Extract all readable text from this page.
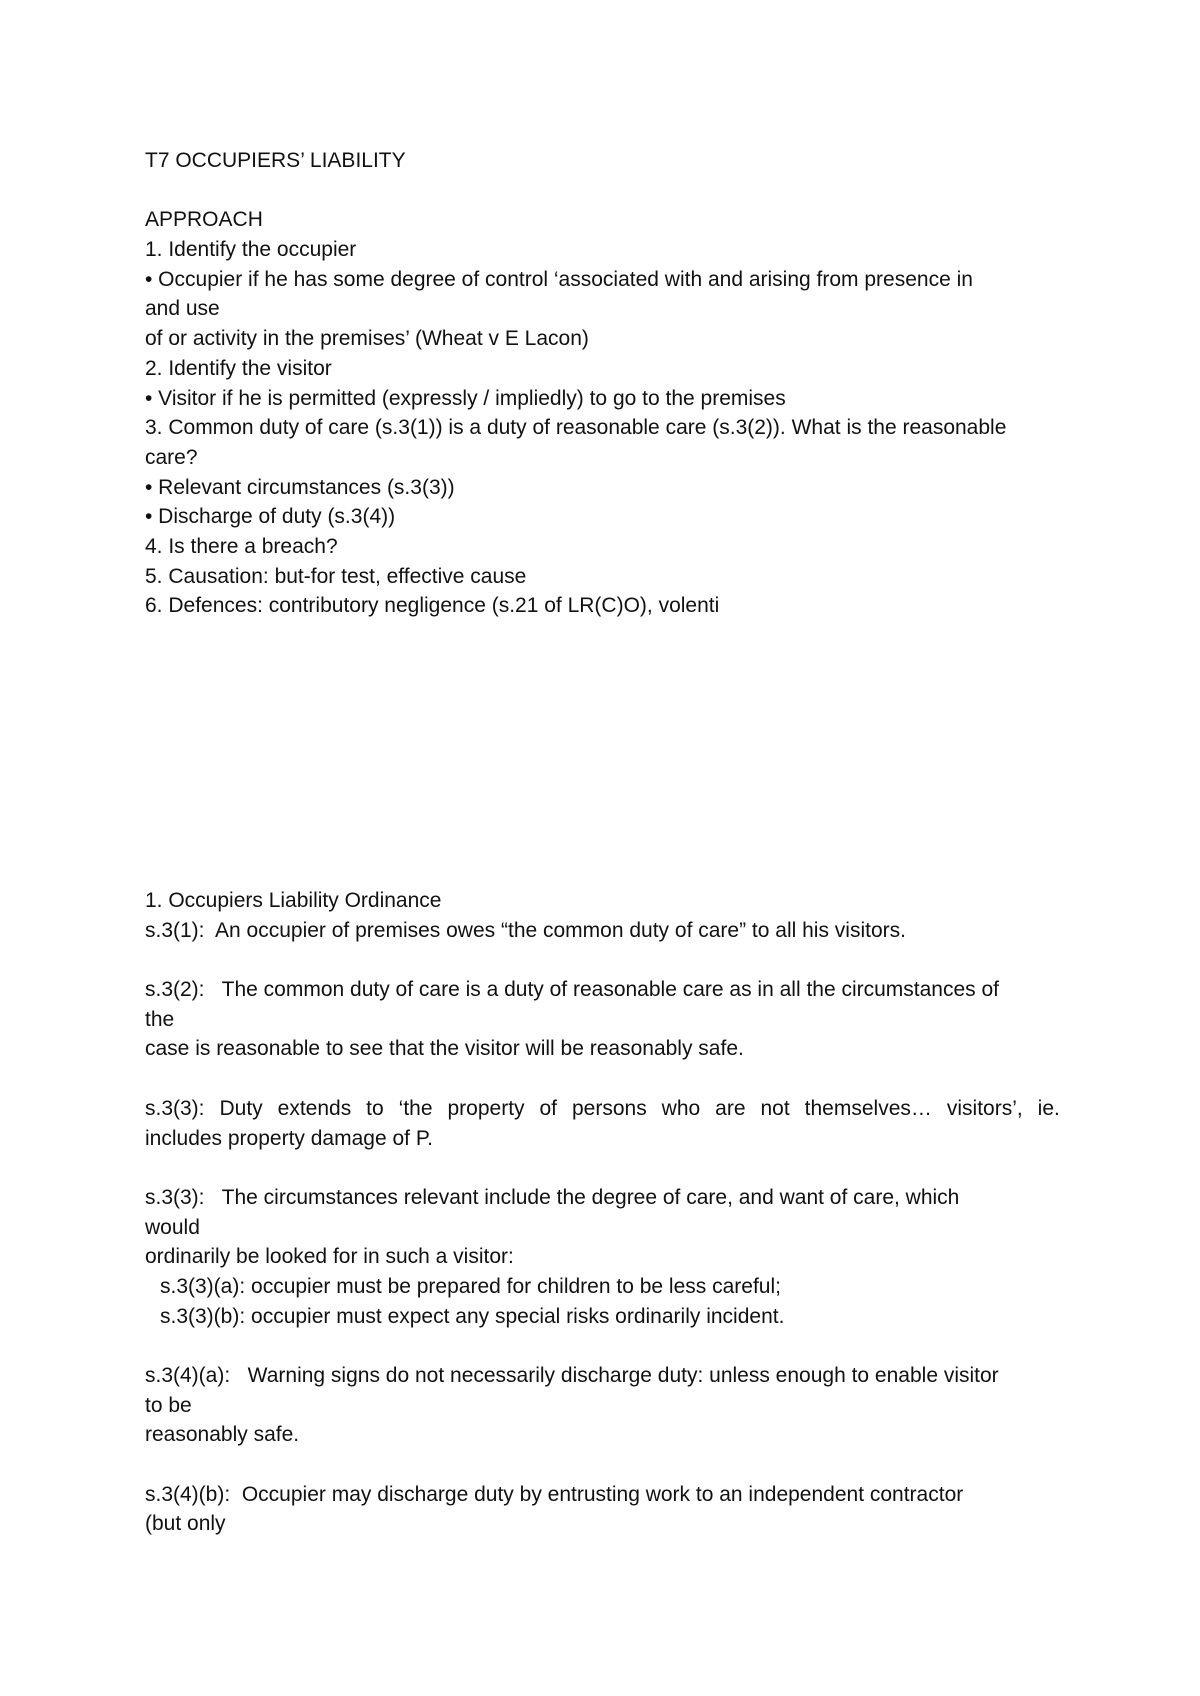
T7 OCCUPIERS’ LIABILITY
APPROACH
1. Identify the occupier
• Occupier if he has some degree of control ‘associated with and arising from presence in
and use
of or activity in the premises’ (Wheat v E Lacon)
2. Identify the visitor
• Visitor if he is permitted (expressly / impliedly) to go to the premises
3. Common duty of care (s.3(1)) is a duty of reasonable care (s.3(2)). What is the reasonable
care?
• Relevant circumstances (s.3(3))
• Discharge of duty (s.3(4))
4. Is there a breach?
5. Causation: but-for test, effective cause
6. Defences: contributory negligence (s.21 of LR(C)O), volenti
1. Occupiers Liability Ordinance
s.3(1):  An occupier of premises owes “the common duty of care” to all his visitors.
s.3(2):   The common duty of care is a duty of reasonable care as in all the circumstances of
the
case is reasonable to see that the visitor will be reasonably safe.
s.3(3): Duty extends to ‘the property of persons who are not themselves… visitors’, ie.
includes property damage of P.
s.3(3):   The circumstances relevant include the degree of care, and want of care, which
would
ordinarily be looked for in such a visitor:
s.3(3)(a): occupier must be prepared for children to be less careful;
s.3(3)(b): occupier must expect any special risks ordinarily incident.
s.3(4)(a):   Warning signs do not necessarily discharge duty: unless enough to enable visitor
to be
reasonably safe.
s.3(4)(b):  Occupier may discharge duty by entrusting work to an independent contractor
(but only
